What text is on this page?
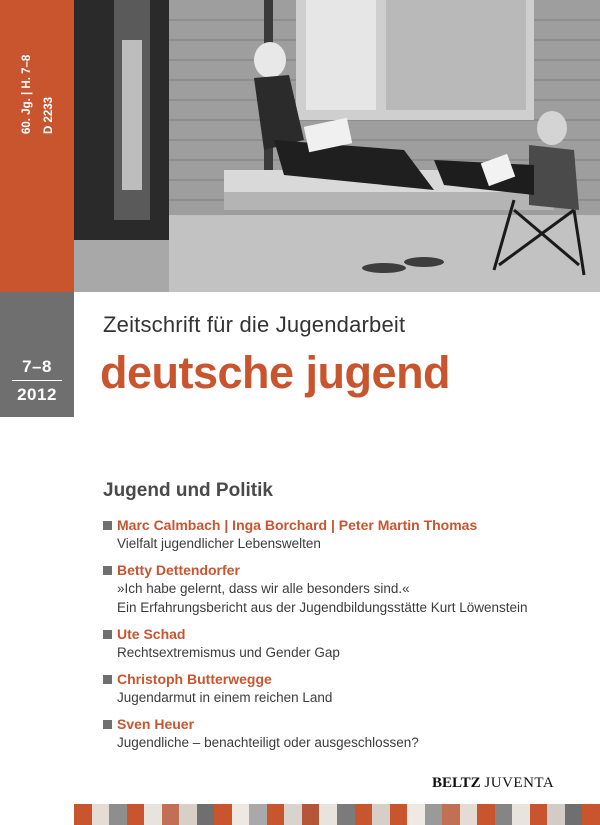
60. Jg. | H. 7–8 D 2233
7–8
2012
Zeitschrift für die Jugendarbeit
deutsche jugend
Jugend und Politik
Marc Calmbach | Inga Borchard | Peter Martin Thomas
Vielfalt jugendlicher Lebenswelten
Betty Dettendorfer
»Ich habe gelernt, dass wir alle besonders sind.«
Ein Erfahrungsbericht aus der Jugendbildungsstätte Kurt Löwenstein
Ute Schad
Rechtsextremismus und Gender Gap
Christoph Butterwegge
Jugendarmut in einem reichen Land
Sven Heuer
Jugendliche – benachteiligt oder ausgeschlossen?
BELTZ JUVENTA
